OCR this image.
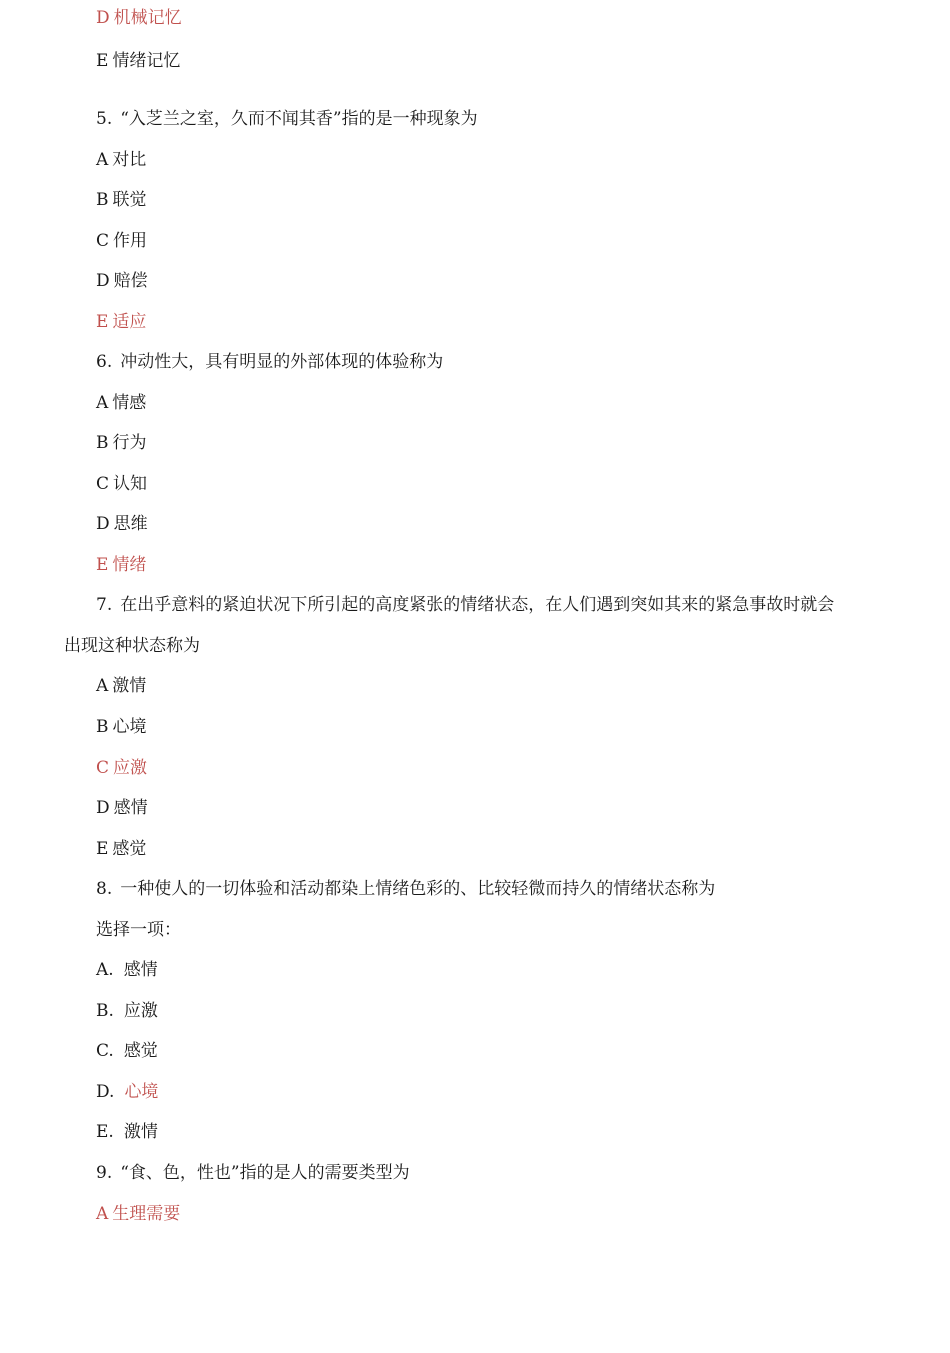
D 机械记忆
E 情绪记忆
5. “入芝兰之室，久而不闻其香”指的是一种现象为
A 对比
B 联觉
C 作用
D 赔偿
E 适应
6. 冲动性大，具有明显的外部体现的体验称为
A 情感
B 行为
C 认知
D 思维
E 情绪
7. 在出乎意料的紧迫状况下所引起的高度紧张的情绪状态，在人们遇到突如其来的紧急事故时就会
出现这种状态称为
A 激情
B 心境
C 应激
D 感情
E 感觉
8. 一种使人的一切体验和活动都染上情绪色彩的、比较轻微而持久的情绪状态称为
选择一项：
A. 感情
B. 应激
C. 感觉
D. 心境
E. 激情
9. “食、色，性也”指的是人的需要类型为
A 生理需要
